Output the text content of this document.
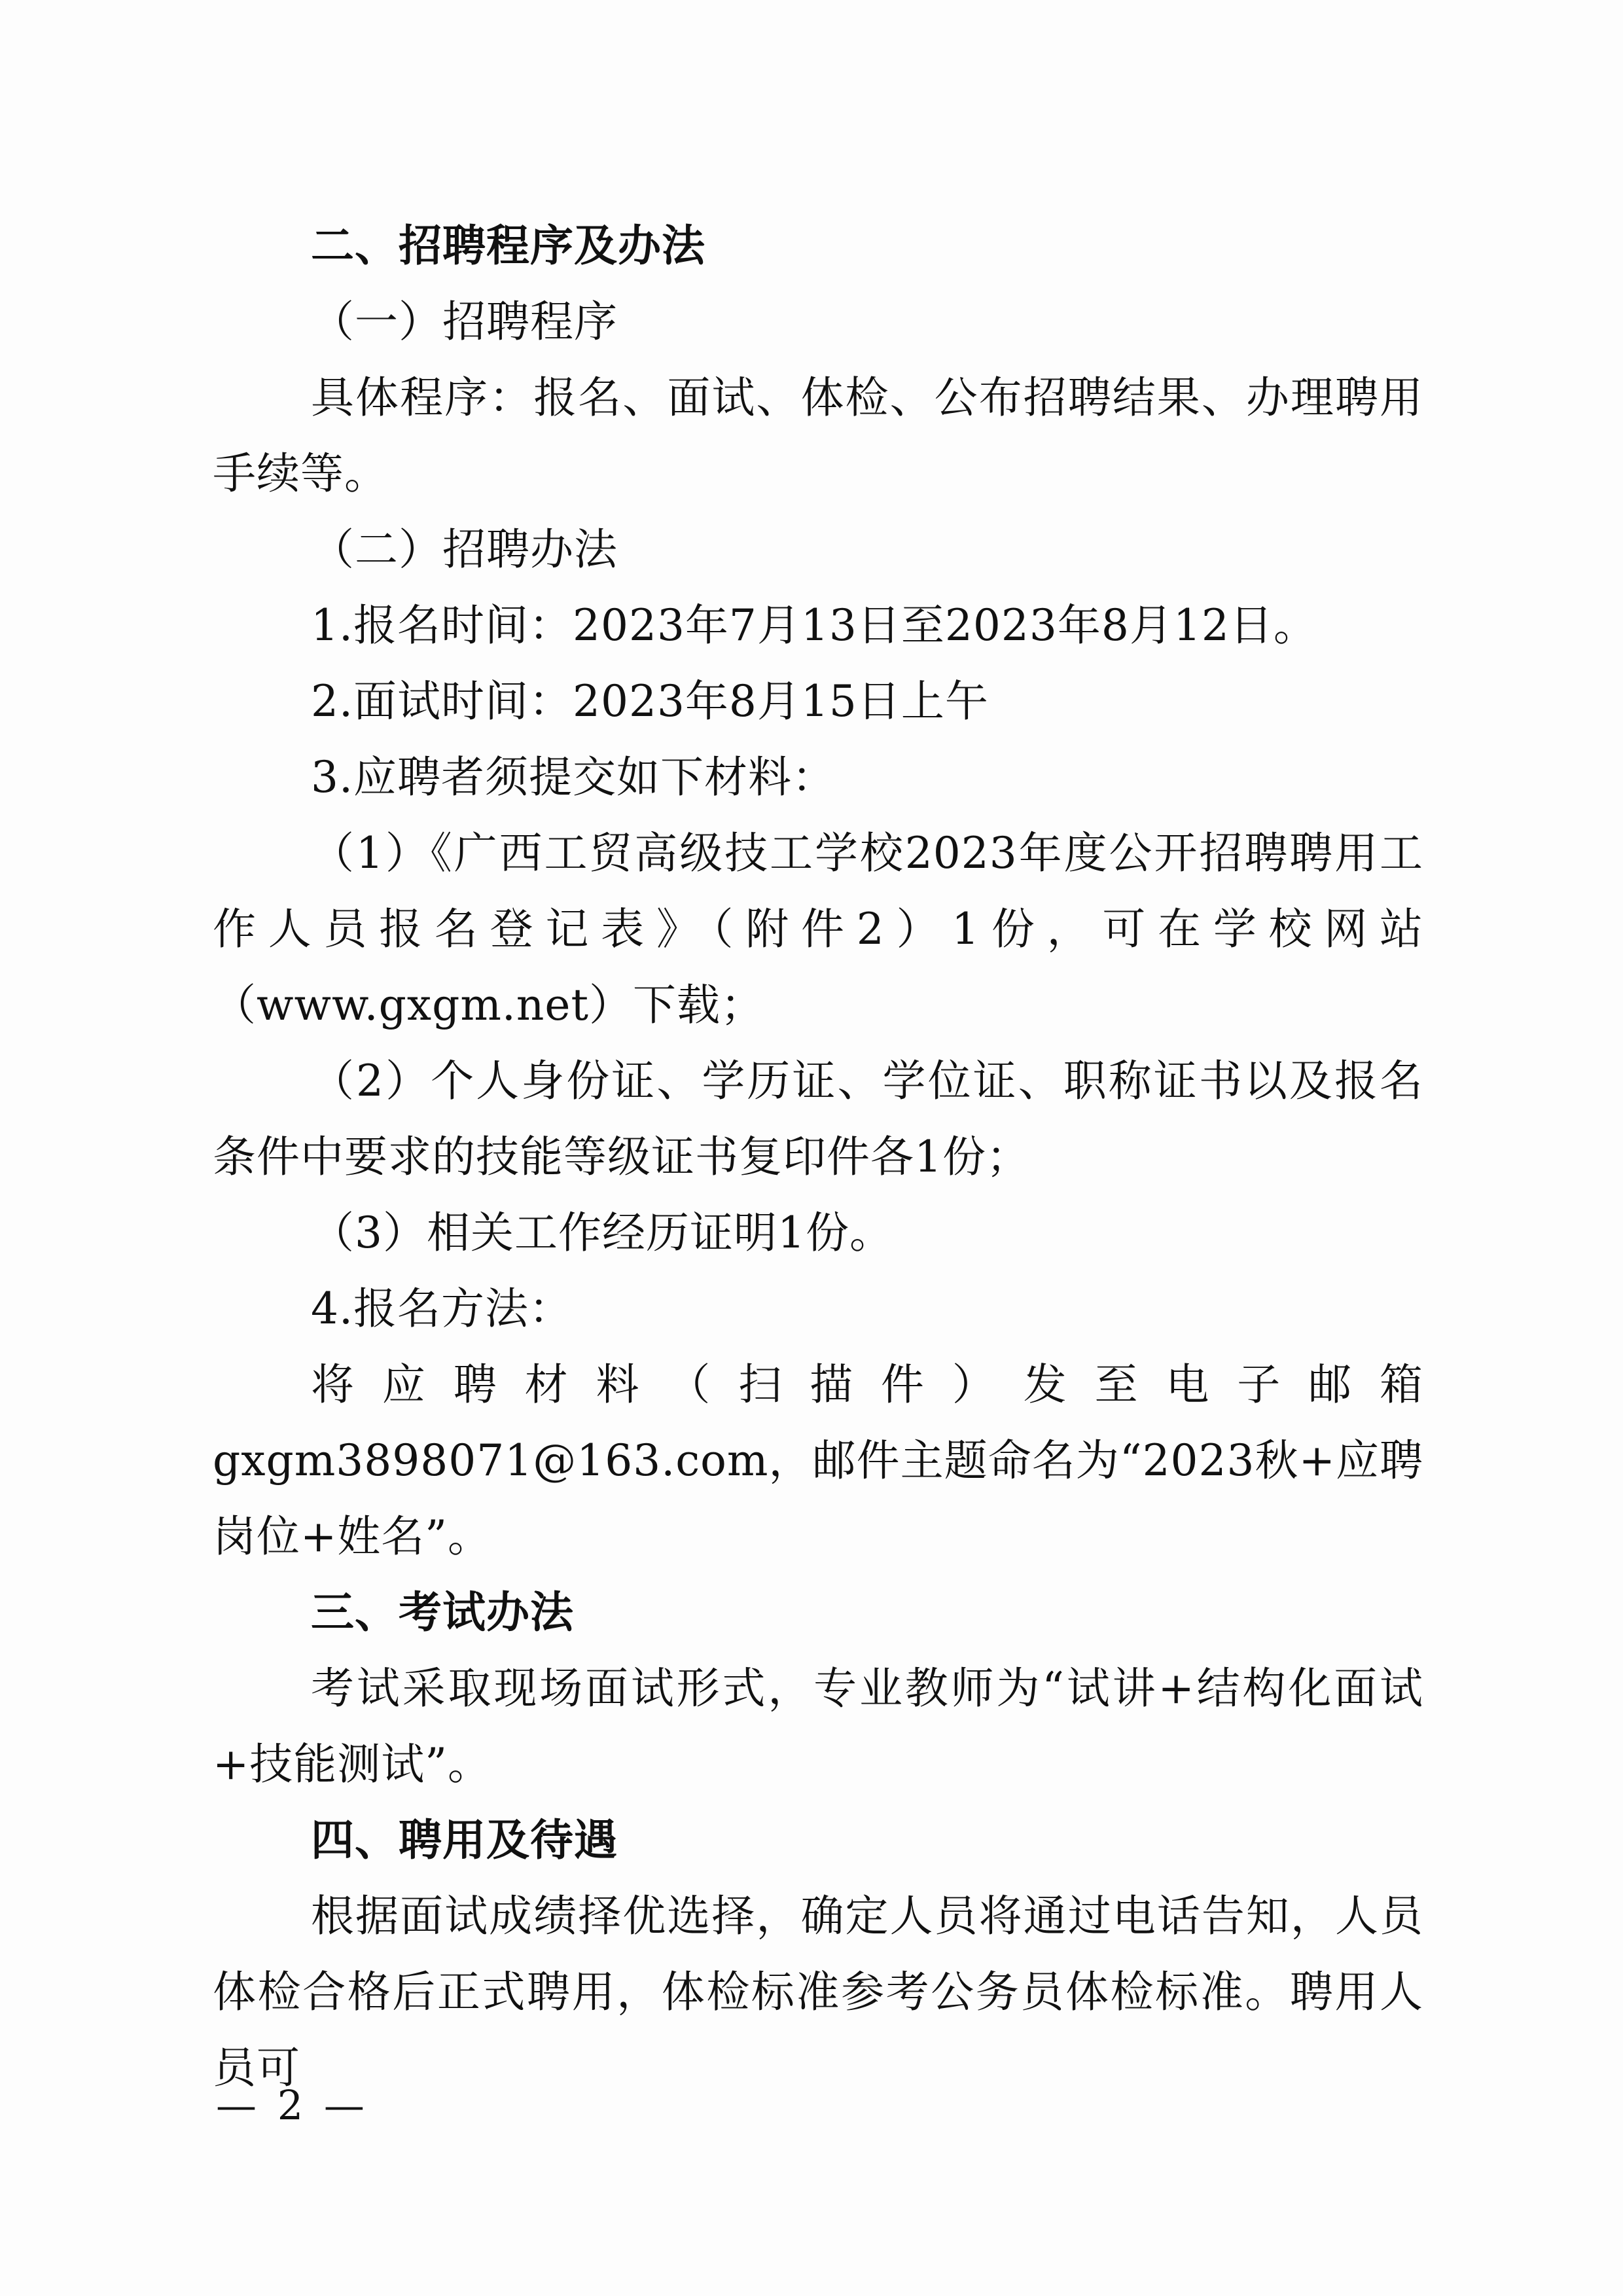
二、招聘程序及办法

（一）招聘程序

具体程序：报名、面试、体检、公布招聘结果、办理聘用手续等。

（二）招聘办法

1.报名时间：2023年7月13日至2023年8月12日。

2.面试时间：2023年8月15日上午

3.应聘者须提交如下材料：

（1）《广西工贸高级技工学校2023年度公开招聘聘用工作人员报名登记表》（附件2）1份，可在学校网站（www.gxgm.net）下载；

（2）个人身份证、学历证、学位证、职称证书以及报名条件中要求的技能等级证书复印件各1份；

（3）相关工作经历证明1份。

4.报名方法：

将应聘材料（扫描件）发至电子邮箱gxgm3898071@163.com，邮件主题命名为“2023秋+应聘岗位+姓名”。

三、考试办法

考试采取现场面试形式，专业教师为“试讲+结构化面试+技能测试”。

四、聘用及待遇

根据面试成绩择优选择，确定人员将通过电话告知，人员体检合格后正式聘用，体检标准参考公务员体检标准。聘用人员可

— 2 —
